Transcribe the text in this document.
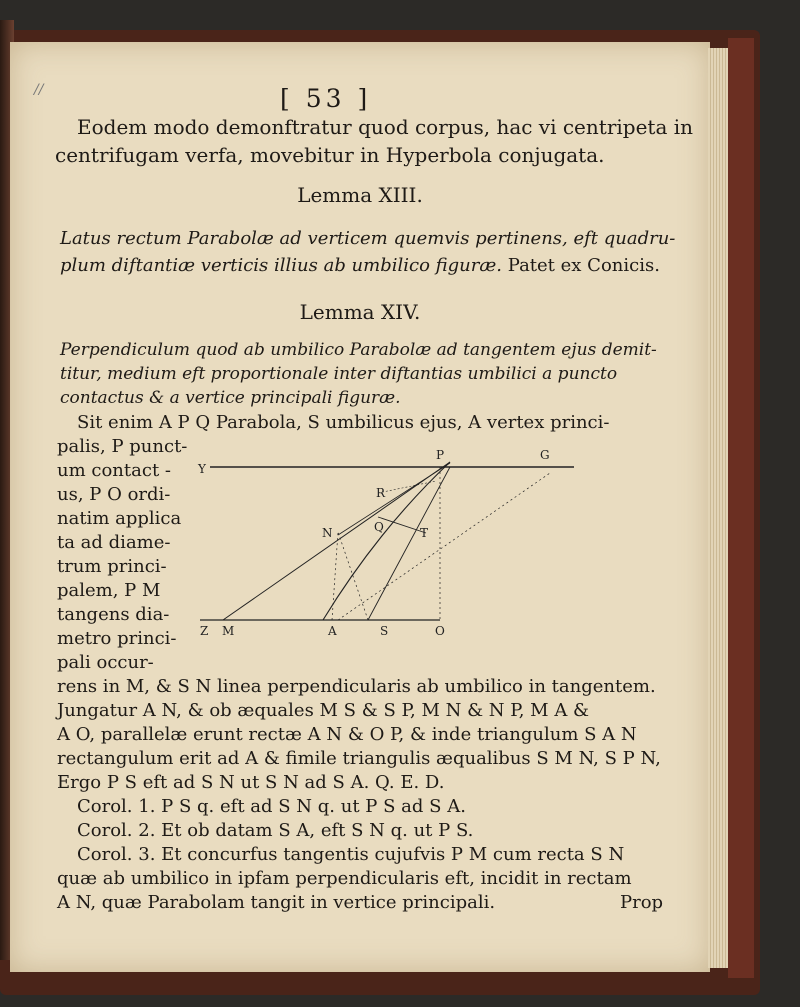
//	[ 53 ]
Eodem modo demonftratur quod corpus, hac vi centripeta in
centrifugam verfa, movebitur in Hyperbola conjugata.
Lemma XIII.
Latus rectum Parabolæ ad verticem quemvis pertinens, eft quadru-
plum diftantiæ verticis illius ab umbilico figuræ. Patet ex Conicis.
Lemma XIV.
Perpendiculum quod ab umbilico Parabolæ ad tangentem ejus demit-
titur, medium eft proportionale inter diftantias umbilici a puncto
contactus & a vertice principali figuræ.
Sit enim A P Q Parabola, S umbilicus ejus, A vertex princi-
palis, P punct-
um contact -
us, P O ordi-
natim applica
ta ad diame-
trum princi-
palem, P M
tangens dia-
metro princi-
pali occur-
Y
P	G
R
N	Q	T
Z M	A	S	O
rens in M, & S N linea perpendicularis ab umbilico in tangentem.
Jungatur A N, & ob æquales M S & S P, M N & N P, M A &
A O, parallelæ erunt rectæ A N & O P, & inde triangulum S A N
rectangulum erit ad A & fimile triangulis æqualibus S M N, S P N,
Ergo P S eft ad S N ut S N ad S A. Q. E. D.
Corol. 1. P S q. eft ad S N q. ut P S ad S A.
Corol. 2. Et ob datam S A, eft S N q. ut P S.
Corol. 3. Et concurfus tangentis cujufvis P M cum recta S N
quæ ab umbilico in ipfam perpendicularis eft, incidit in rectam
A N, quæ Parabolam tangit in vertice principali.	Prop
